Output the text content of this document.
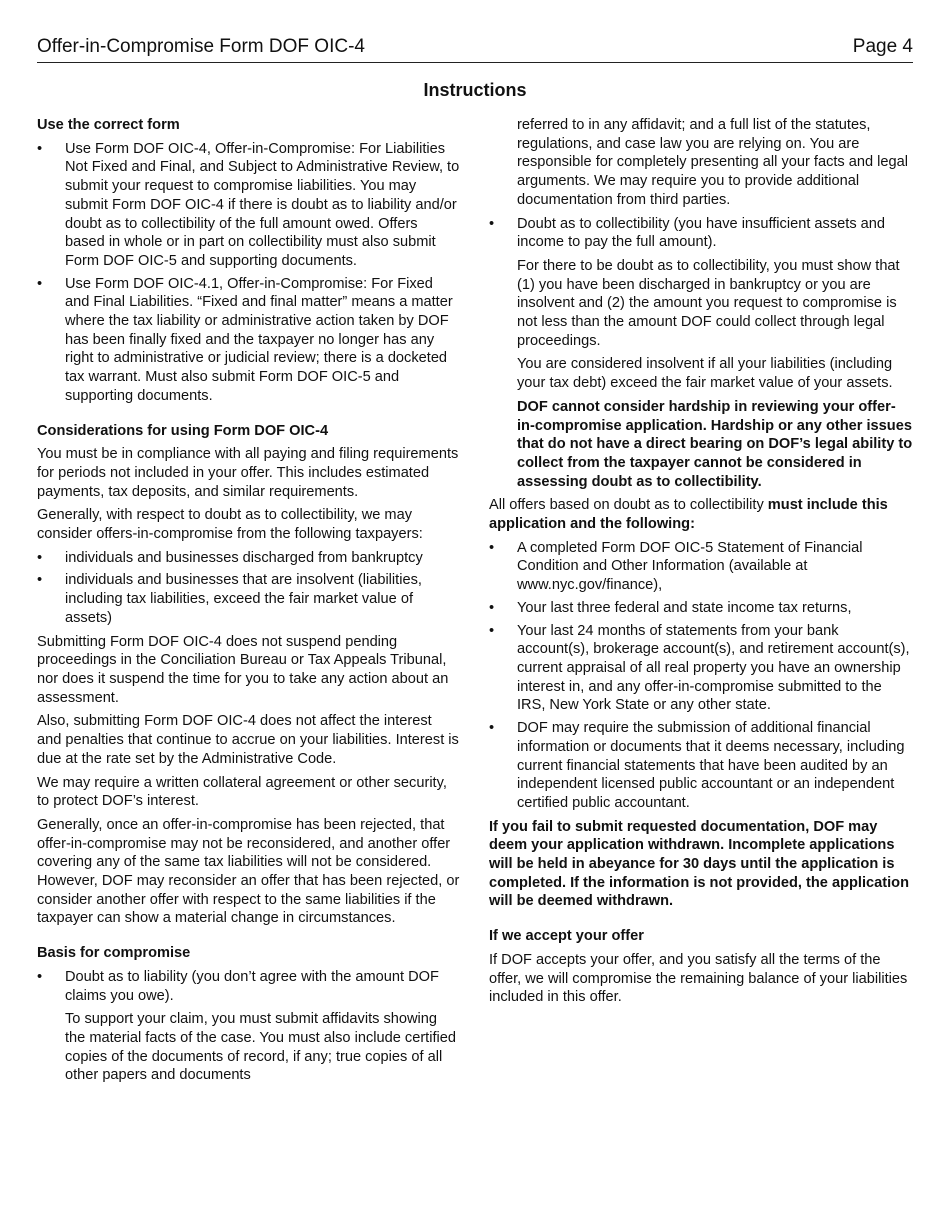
Offer-in-Compromise Form DOF OIC-4	Page 4
Instructions
Use the correct form
• Use Form DOF OIC-4, Offer-in-Compromise: For Liabilities Not Fixed and Final, and Subject to Administrative Review, to submit your request to compromise liabilities. You may submit Form DOF OIC-4 if there is doubt as to liability and/or doubt as to collectibility of the full amount owed. Offers based in whole or in part on collectibility must also submit Form DOF OIC-5 and supporting documents.
• Use Form DOF OIC-4.1, Offer-in-Compromise: For Fixed and Final Liabilities. “Fixed and final matter” means a matter where the tax liability or administrative action taken by DOF has been finally fixed and the taxpayer no longer has any right to administrative or judicial review; there is a docketed tax warrant. Must also submit Form DOF OIC-5 and supporting documents.
Considerations for using Form DOF OIC-4

You must be in compliance with all paying and filing requirements for periods not included in your offer. This includes estimated payments, tax deposits, and similar requirements.

Generally, with respect to doubt as to collectibility, we may consider offers-in-compromise from the following taxpayers:

• individuals and businesses discharged from bankruptcy
• individuals and businesses that are insolvent (liabilities, including tax liabilities, exceed the fair market value of assets)

Submitting Form DOF OIC-4 does not suspend pending proceedings in the Conciliation Bureau or Tax Appeals Tribunal, nor does it suspend the time for you to take any action about an assessment.

Also, submitting Form DOF OIC-4 does not affect the interest and penalties that continue to accrue on your liabilities. Interest is due at the rate set by the Administrative Code.

We may require a written collateral agreement or other security, to protect DOF’s interest.

Generally, once an offer-in-compromise has been rejected, that offer-in-compromise may not be reconsidered, and another offer covering any of the same tax liabilities will not be considered. However, DOF may reconsider an offer that has been rejected, or consider another offer with respect to the same liabilities if the taxpayer can show a material change in circumstances.

Basis for compromise
• Doubt as to liability (you don’t agree with the amount DOF claims you owe).

To support your claim, you must submit affidavits showing the material facts of the case. You must also include certified copies of the documents of record, if any; true copies of all other papers and documents

referred to in any affidavit; and a full list of the statutes, regulations, and case law you are relying on. You are responsible for completely presenting all your facts and legal arguments. We may require you to provide additional documentation from third parties.

• Doubt as to collectibility (you have insufficient assets and income to pay the full amount).

For there to be doubt as to collectibility, you must show that (1) you have been discharged in bankruptcy or you are insolvent and (2) the amount you request to compromise is not less than the amount DOF could collect through legal proceedings.

You are considered insolvent if all your liabilities (including your tax debt) exceed the fair market value of your assets.

DOF cannot consider hardship in reviewing your offer-in-compromise application. Hardship or any other issues that do not have a direct bearing on DOF’s legal ability to collect from the taxpayer cannot be considered in assessing doubt as to collectibility.

All offers based on doubt as to collectibility must include this application and the following:

• A completed Form DOF OIC-5 Statement of Financial Condition and Other Information (available at www.nyc.gov/finance),
• Your last three federal and state income tax returns,
• Your last 24 months of statements from your bank account(s), brokerage account(s), and retirement account(s), current appraisal of all real property you have an ownership interest in, and any offer-in-compromise submitted to the IRS, New York State or any other state.
• DOF may require the submission of additional financial information or documents that it deems necessary, including current financial statements that have been audited by an independent licensed public accountant or an independent certified public accountant.

If you fail to submit requested documentation, DOF may deem your application withdrawn. Incomplete applications will be held in abeyance for 30 days until the application is completed. If the information is not provided, the application will be deemed withdrawn.

If we accept your offer

If DOF accepts your offer, and you satisfy all the terms of the offer, we will compromise the remaining balance of your liabilities included in this offer.
